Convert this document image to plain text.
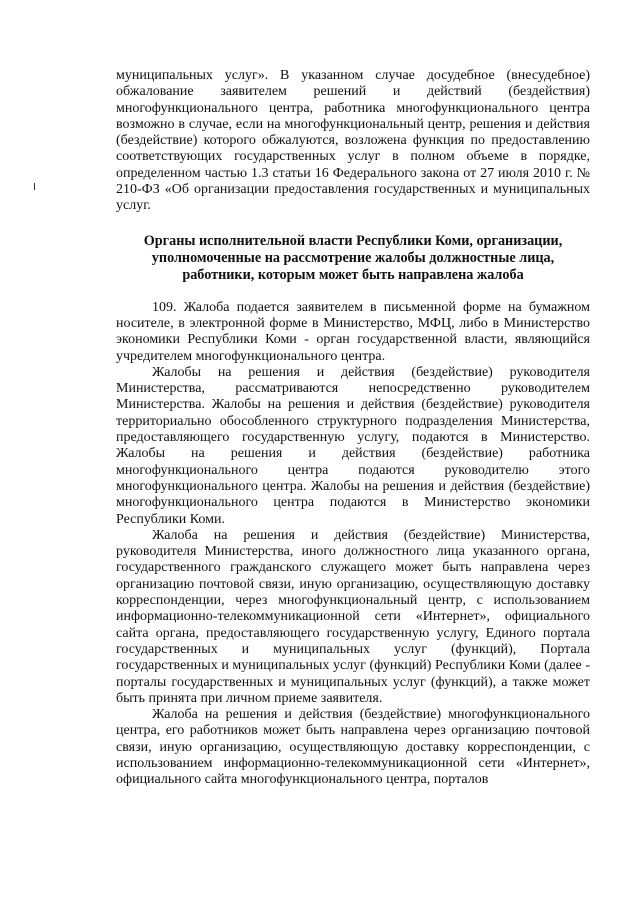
муниципальных услуг». В указанном случае досудебное (внесудебное) обжалование заявителем решений и действий (бездействия) многофункционального центра, работника многофункционального центра возможно в случае, если на многофункциональный центр, решения и действия (бездействие) которого обжалуются, возложена функция по предоставлению соответствующих государственных услуг в полном объеме в порядке, определенном частью 1.3 статьи 16 Федерального закона от 27 июля 2010 г. № 210-ФЗ «Об организации предоставления государственных и муниципальных услуг.

Органы исполнительной власти Республики Коми, организации, уполномоченные на рассмотрение жалобы должностные лица, работники, которым может быть направлена жалоба

109. Жалоба подается заявителем в письменной форме на бумажном носителе, в электронной форме в Министерство, МФЦ, либо в Министерство экономики Республики Коми - орган государственной власти, являющийся учредителем многофункционального центра.

Жалобы на решения и действия (бездействие) руководителя Министерства, рассматриваются непосредственно руководителем Министерства. Жалобы на решения и действия (бездействие) руководителя территориально обособленного структурного подразделения Министерства, предоставляющего государственную услугу, подаются в Министерство. Жалобы на решения и действия (бездействие) работника многофункционального центра подаются руководителю этого многофункционального центра. Жалобы на решения и действия (бездействие) многофункционального центра подаются в Министерство экономики Республики Коми.

Жалоба на решения и действия (бездействие) Министерства, руководителя Министерства, иного должностного лица указанного органа, государственного гражданского служащего может быть направлена через организацию почтовой связи, иную организацию, осуществляющую доставку корреспонденции, через многофункциональный центр, с использованием информационно-телекоммуникационной сети «Интернет», официального сайта органа, предоставляющего государственную услугу, Единого портала государственных и муниципальных услуг (функций), Портала государственных и муниципальных услуг (функций) Республики Коми (далее - порталы государственных и муниципальных услуг (функций), а также может быть принята при личном приеме заявителя.

Жалоба на решения и действия (бездействие) многофункционального центра, его работников может быть направлена через организацию почтовой связи, иную организацию, осуществляющую доставку корреспонденции, с использованием информационно-телекоммуникационной сети «Интернет», официального сайта многофункционального центра, порталов
